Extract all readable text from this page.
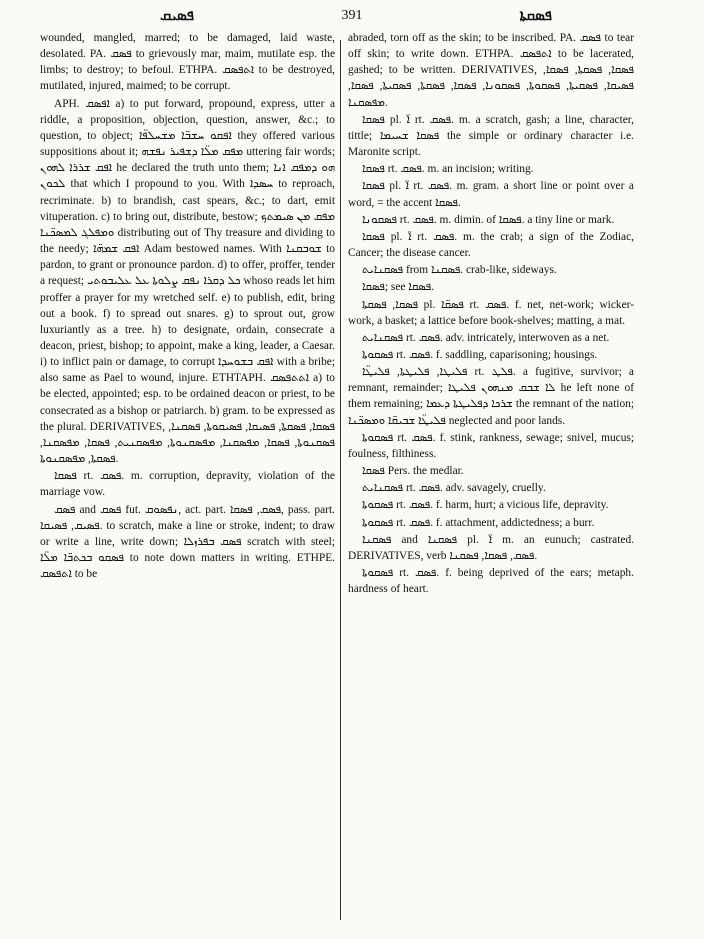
ܦܣܝܩ	391	ܦܣܩܬܐ

wounded, mangled, marred; to be damaged, laid waste, desolated. PA. ܦܣܩ to grievously mar, maim, mutilate esp. the limbs; to destroy; to befoul. ETHPA. ܐܬܦܣܩ to be destroyed, mutilated, injured, maimed; to be corrupt.

APH. ܐܦܣܩ a) to put forward, propound, express, utter a riddle, a proposition, objection, question, answer, &c.; to question, to object; ܐܦܩܘ ܚܫܒ̈ܐ ܡܫܚܠܦ̈ܐ they offered various suppositions about it; ܡܦܩ ܡܠ̈ܐ ܕܫܦܝܪ ܢܦܫܗ uttering fair words; ܐܦܩ ܫܪܪܐ ܠܗܘܢ he declared the truth unto them; ܗܘ ܕܡܦܩ ܐܢܐ ܠܟܘܢ that which I propound to you. With ܚܣܕܐ to reproach, recriminate. b) to brandish, cast spears, &c.; to dart, emit vituperation. c) to bring out, distribute, bestow; ܡܦܩ ܡܢ ܣܝܡܬܟ ܘܡܦܠܓ ܠܡܣܟ̈ܢܐ distributing out of Thy treasure and dividing to the needy; ܐܦܩ ܫܡܗ̈ܐ Adam bestowed names. With ܫܘܒܩܢܐ to pardon, to grant or pronounce pardon. d) to offer, proffer, tender a request; ܟܠ ܕܩܪܐ ܢܦܩ ܨܠܘܬܐ ܥܠ ܥܠܝܒܘܬܝ whoso reads let him proffer a prayer for my wretched self. e) to publish, edit, bring out a book. f) to spread out snares. g) to sprout out, grow luxuriantly as a tree. h) to designate, ordain, consecrate a deacon, priest, bishop; to appoint, make a king, leader, a Caesar. i) to inflict pain or damage, to corrupt ܐܦܩ ܒܫܘܚܕܐ with a bribe; also same as Pael to wound, injure. ETHTAPH. ܐܬܬܦܣܩ a) to be elected, appointed; esp. to be ordained deacon or priest, to be consecrated as a bishop or patriarch. b) gram. to be expressed as the plural. DERIVATIVES, ܦܣܩܐ, ܦܣܩܬܐ, ܦܣܝܩܐ, ܦܣܝܩܘܬܐ, ܦܣܩܢܐ, ܦܣܩܢܘܬܐ, ܦܣܩܐ, ܡܦܣܩܢܐ, ܡܦܣܩܢܘܬܐ, ܡܦܣܩܢܝܬ, ܦܣܩܐ, ܡܦܣܩܢܐ, ܦܣܩܬܐ, ܡܦܣܩܢܘܬܐ.

ܦܣܩܐ rt. ܦܣܩ. m. corruption, depravity, violation of the marriage vow.

ܦܣܩ and ܦܣܩ fut. ܢܦܣܘܩ, act. part. ܦܣܩ, ܦܣܩܐ, pass. part. ܦܣܝܩ, ܦܣܝܩܐ. to scratch, make a line or stroke, indent; to draw or write a line, write down; ܦܣܩ ܒܦܪܙܠܐ scratch with steel; ܦܣܩܘ ܒܟܬܒ̈ܐ ܡܠ̈ܐ to note down matters in writing. ETHPE. ܐܬܦܣܩ to be

abraded, torn off as the skin; to be inscribed. PA. ܦܣܩ to tear off skin; to write down. ETHPA. ܐܬܦܣܩ to be lacerated, gashed; to be written. DERIVATIVES, ܦܣܩܐ, ܦܣܩܬܐ, ܦܣܩܐ, ܦܣܝܩܐ, ܦܣܩܝܬܐ, ܦܣܩܘܬܐ, ܦܣܩܘܢܐ, ܦܣܩܐ, ܦܣܩܬܐ, ܦܣܩܝܬܐ, ܦܣܩܐ, ܡܦܣܩܢܐ.

ܦܣܩܐ pl. ܐ̈ rt. ܦܣܩ. m. a scratch, gash; a line, character, tittle; ܦܣܩܐ ܫܚܝܡܐ the simple or ordinary character i.e. Maronite script.

ܦܣܩܐ rt. ܦܣܩ. m. an incision; writing.

ܦܣܩܐ pl. ܐ̈ rt. ܦܣܩ. m. gram. a short line or point over a word, = the accent ܦܣܩܐ.

ܦܣܩܘܢܐ rt. ܦܣܩ. m. dimin. of ܦܣܩܐ. a tiny line or mark.

ܦܣܩܐ pl. ܐ̈ rt. ܦܣܩ. m. the crab; a sign of the Zodiac, Cancer; the disease cancer.

ܦܣܩܢܐܝܬ from ܦܣܩܢܐ. crab-like, sideways.

ܦܣܩܐ; see ܦܣܩܐ.

ܦܣܩܐ, ܦܣܩܬܐ pl. ܦܣܩ̈ܐ rt. ܦܣܩ. f. net, net-work; wicker-work, a basket; a lattice before book-shelves; matting, a mat.

ܦܣܩܢܐܝܬ rt. ܦܣܩ. adv. intricately, interwoven as a net.

ܦܣܩܘܬܐ rt. ܦܣܩ. f. saddling, caparisoning; housings.

ܦܠܝܛܐ, ܦܠܝܛܬܐ, ܦܠܝܛ̈ܐ rt. ܦܠܛ. a fugitive, survivor; a remnant, remainder; ܠܐ ܫܒܩ ܡܢܗܘܢ ܦܠܝܛܐ he left none of them remaining; ܫܪܟܐ ܕܦܠܝܛܬܐ ܕܥܡܐ the remnant of the nation; ܦܠܝܛ̈ܐ ܫܒܝܩ̈ܐ ܘܡܣܟ̈ܢܐ neglected and poor lands.

ܦܣܩܘܬܐ rt. ܦܣܩ. f. stink, rankness, sewage; snivel, mucus; foulness, filthiness.

ܦܣܩܐ Pers. the medlar.

ܦܣܩܢܐܝܬ rt. ܦܣܩ. adv. savagely, cruelly.

ܦܣܩܘܬܐ rt. ܦܣܩ. f. harm, hurt; a vicious life, depravity.

ܦܣܩܘܬܐ rt. ܦܣܩ. f. attachment, addictedness; a burr.

ܦܣܩܢܐ and ܦܣܩܢܐ pl. ܐ̈ m. an eunuch; castrated. DERIVATIVES, verb ܦܣܩ, ܦܣܩܐ, ܦܣܩܢܐ.

ܦܣܩܘܬܐ rt. ܦܣܩ. f. being deprived of the ears; metaph. hardness of heart.
